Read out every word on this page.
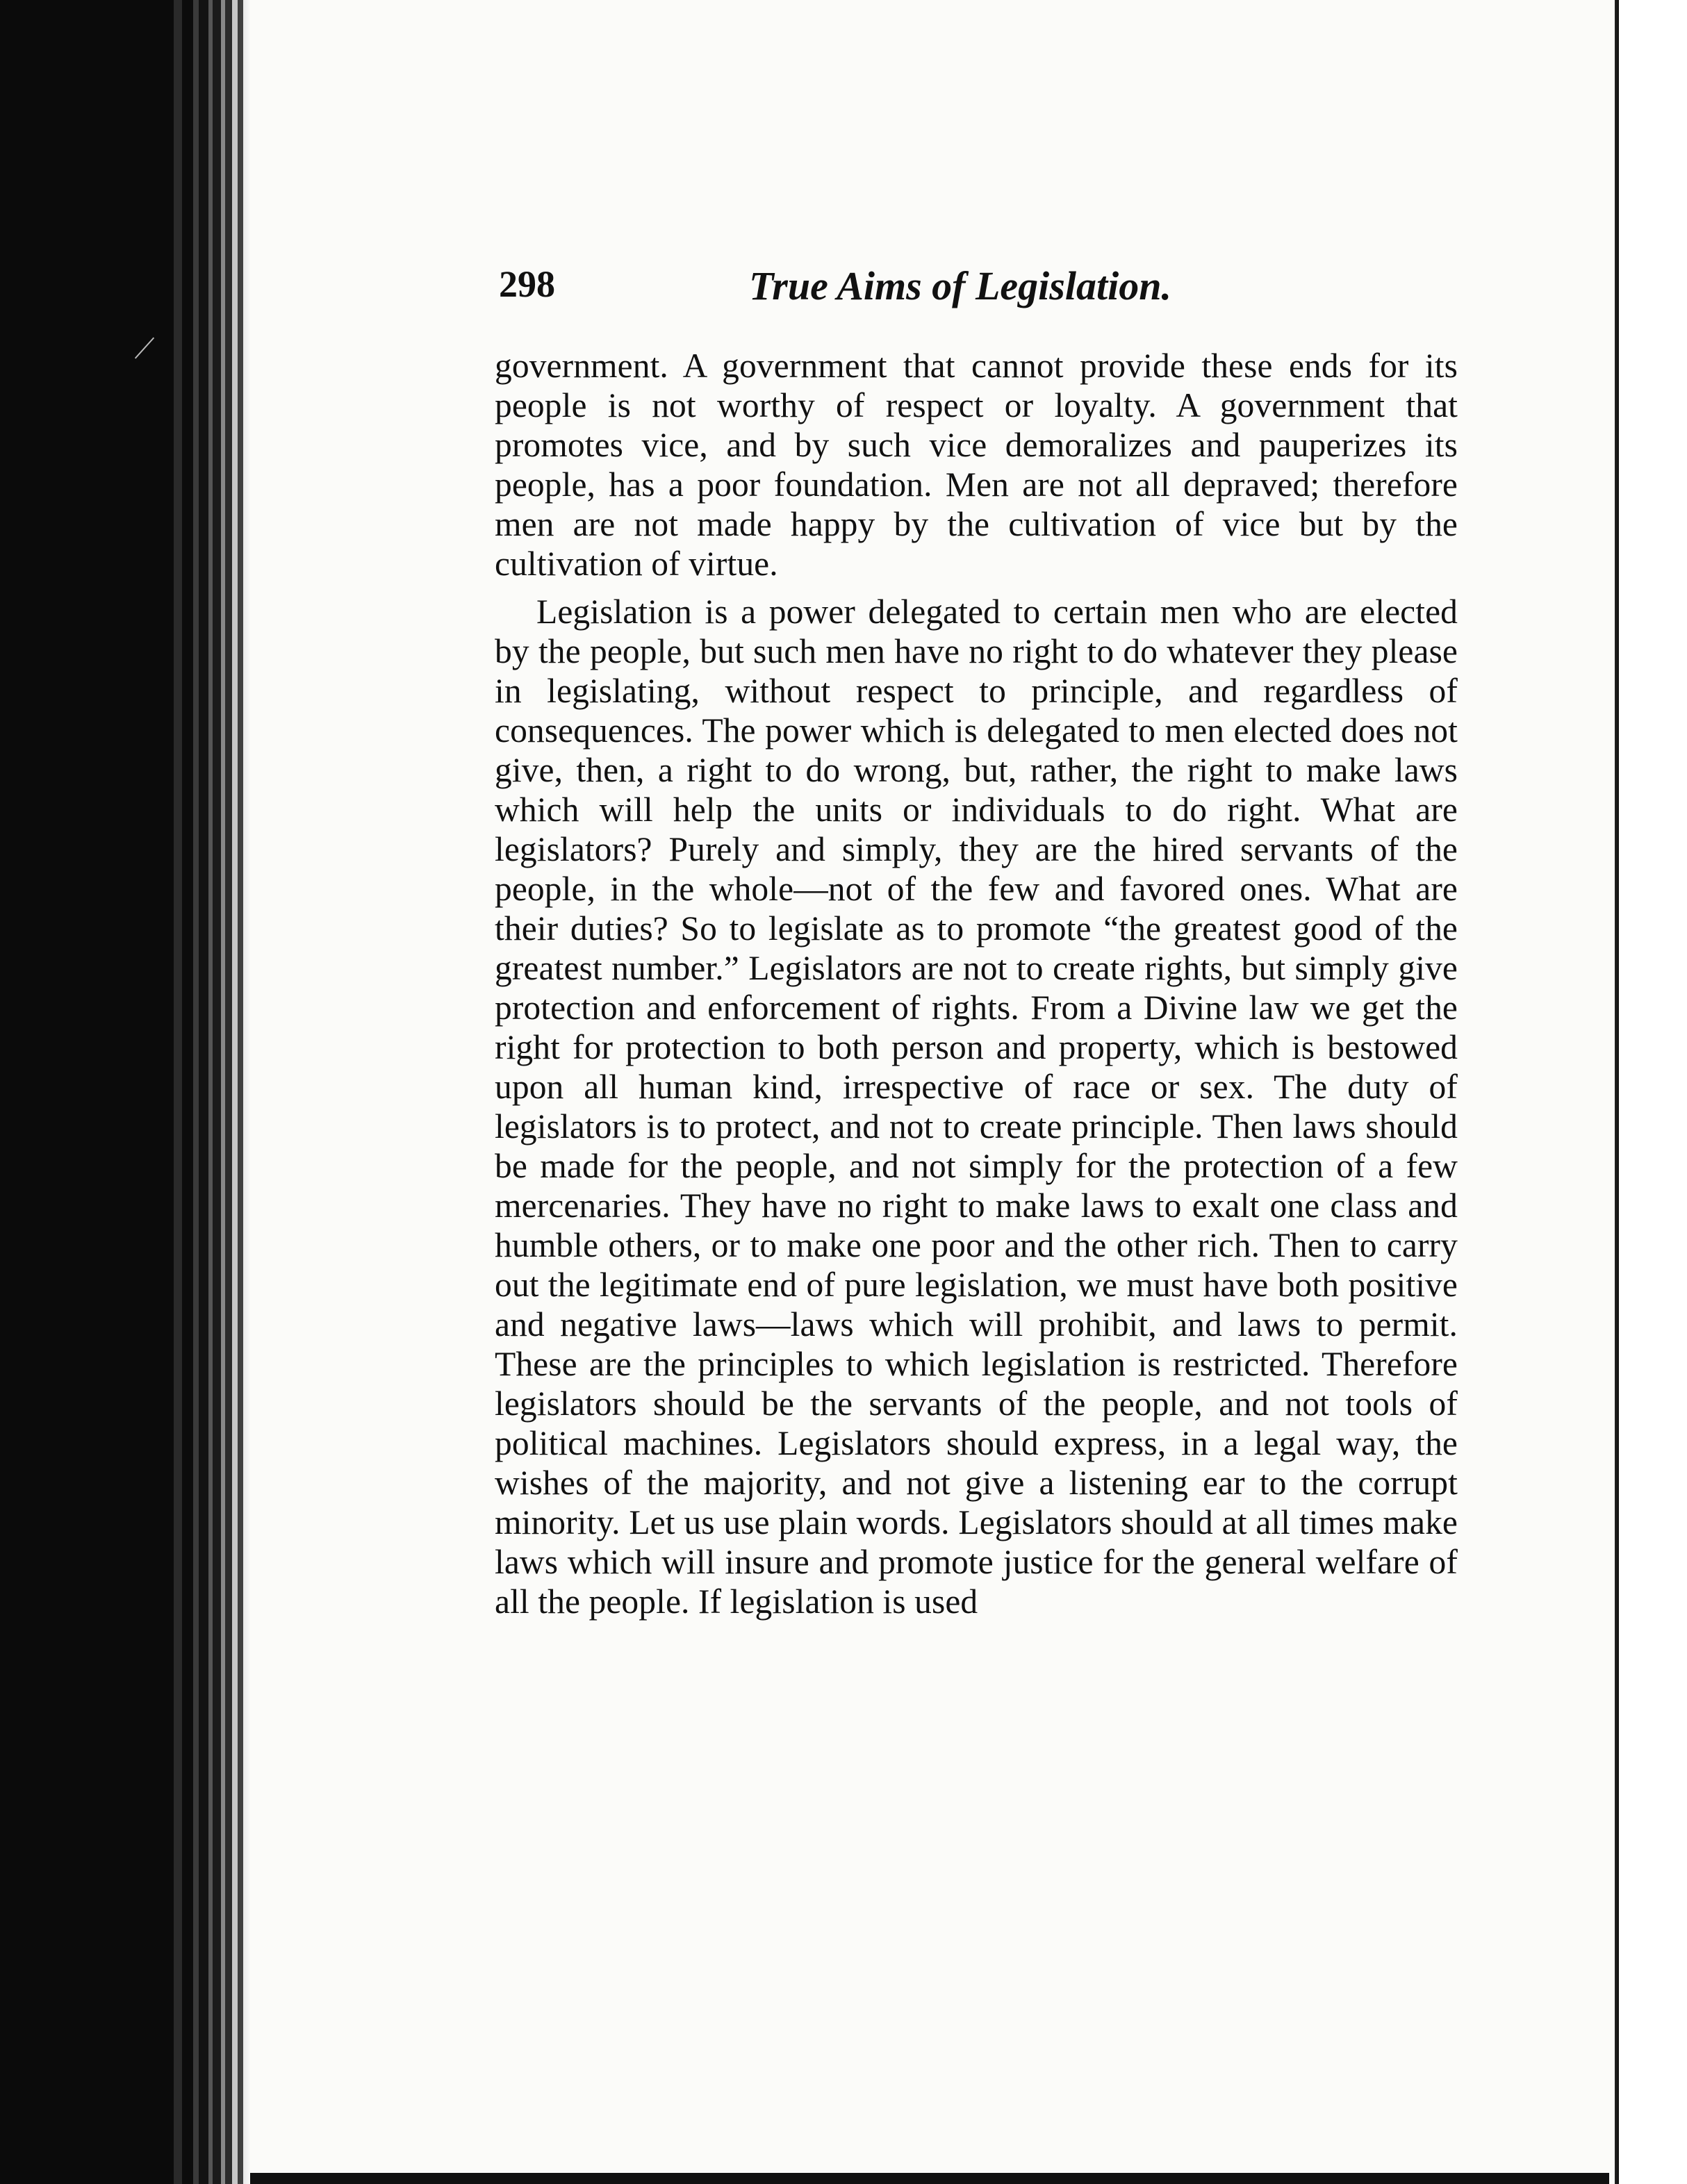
298	True Aims of Legislation.

government. A government that cannot provide these ends for its people is not worthy of respect or loyalty. A government that promotes vice, and by such vice demoralizes and pauperizes its people, has a poor foundation. Men are not all depraved; therefore men are not made happy by the cultivation of vice but by the cultivation of virtue.

Legislation is a power delegated to certain men who are elected by the people, but such men have no right to do whatever they please in legislating, without respect to principle, and regardless of consequences. The power which is delegated to men elected does not give, then, a right to do wrong, but, rather, the right to make laws which will help the units or individuals to do right. What are legislators? Purely and simply, they are the hired servants of the people, in the whole—not of the few and favored ones. What are their duties? So to legislate as to promote “the greatest good of the greatest number.” Legislators are not to create rights, but simply give protection and enforcement of rights. From a Divine law we get the right for protection to both person and property, which is bestowed upon all human kind, irrespective of race or sex. The duty of legislators is to protect, and not to create principle. Then laws should be made for the people, and not simply for the protection of a few mercenaries. They have no right to make laws to exalt one class and humble others, or to make one poor and the other rich. Then to carry out the legitimate end of pure legislation, we must have both positive and negative laws—laws which will prohibit, and laws to permit. These are the principles to which legislation is restricted. Therefore legislators should be the servants of the people, and not tools of political machines. Legislators should express, in a legal way, the wishes of the majority, and not give a listening ear to the corrupt minority. Let us use plain words. Legislators should at all times make laws which will insure and promote justice for the general welfare of all the people. If legislation is used
